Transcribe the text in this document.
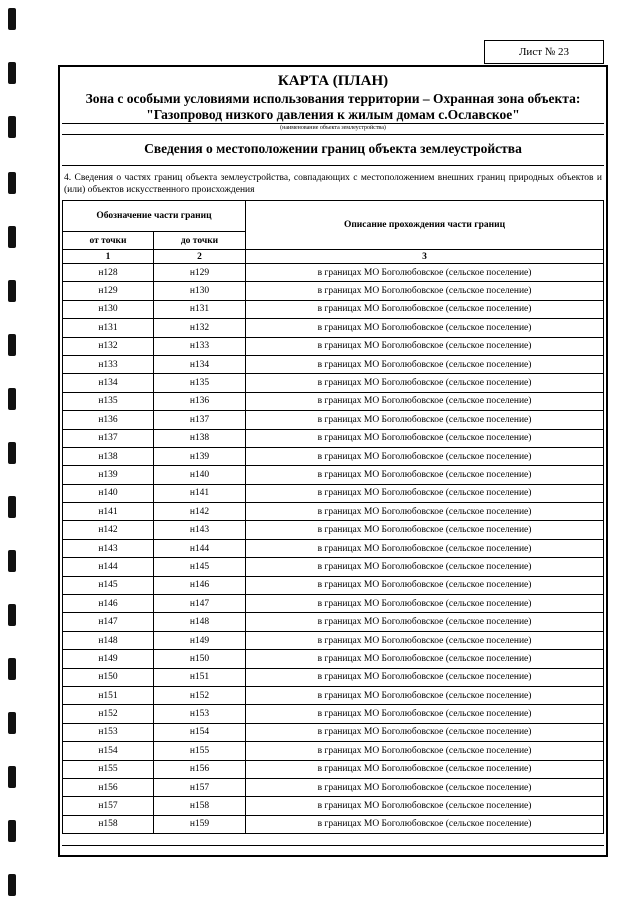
Лист № 23
КАРТА (ПЛАН)
Зона с особыми условиями использования территории – Охранная зона объекта:
"Газопровод низкого давления к жилым домам с.Ославское"
(наименование объекта землеустройства)
Сведения о местоположении границ объекта землеустройства
4. Сведения о частях границ объекта землеустройства, совпадающих с местоположением внешних границ природных объектов и (или) объектов искусственного происхождения
Обозначение части границ		Описание прохождения части границ
от точки	до точки	
1	2	3
н128	н129	в границах МО Боголюбовское (сельское поселение)
н129	н130	в границах МО Боголюбовское (сельское поселение)
н130	н131	в границах МО Боголюбовское (сельское поселение)
н131	н132	в границах МО Боголюбовское (сельское поселение)
н132	н133	в границах МО Боголюбовское (сельское поселение)
н133	н134	в границах МО Боголюбовское (сельское поселение)
н134	н135	в границах МО Боголюбовское (сельское поселение)
н135	н136	в границах МО Боголюбовское (сельское поселение)
н136	н137	в границах МО Боголюбовское (сельское поселение)
н137	н138	в границах МО Боголюбовское (сельское поселение)
н138	н139	в границах МО Боголюбовское (сельское поселение)
н139	н140	в границах МО Боголюбовское (сельское поселение)
н140	н141	в границах МО Боголюбовское (сельское поселение)
н141	н142	в границах МО Боголюбовское (сельское поселение)
н142	н143	в границах МО Боголюбовское (сельское поселение)
н143	н144	в границах МО Боголюбовское (сельское поселение)
н144	н145	в границах МО Боголюбовское (сельское поселение)
н145	н146	в границах МО Боголюбовское (сельское поселение)
н146	н147	в границах МО Боголюбовское (сельское поселение)
н147	н148	в границах МО Боголюбовское (сельское поселение)
н148	н149	в границах МО Боголюбовское (сельское поселение)
н149	н150	в границах МО Боголюбовское (сельское поселение)
н150	н151	в границах МО Боголюбовское (сельское поселение)
н151	н152	в границах МО Боголюбовское (сельское поселение)
н152	н153	в границах МО Боголюбовское (сельское поселение)
н153	н154	в границах МО Боголюбовское (сельское поселение)
н154	н155	в границах МО Боголюбовское (сельское поселение)
н155	н156	в границах МО Боголюбовское (сельское поселение)
н156	н157	в границах МО Боголюбовское (сельское поселение)
н157	н158	в границах МО Боголюбовское (сельское поселение)
н158	н159	в границах МО Боголюбовское (сельское поселение)
